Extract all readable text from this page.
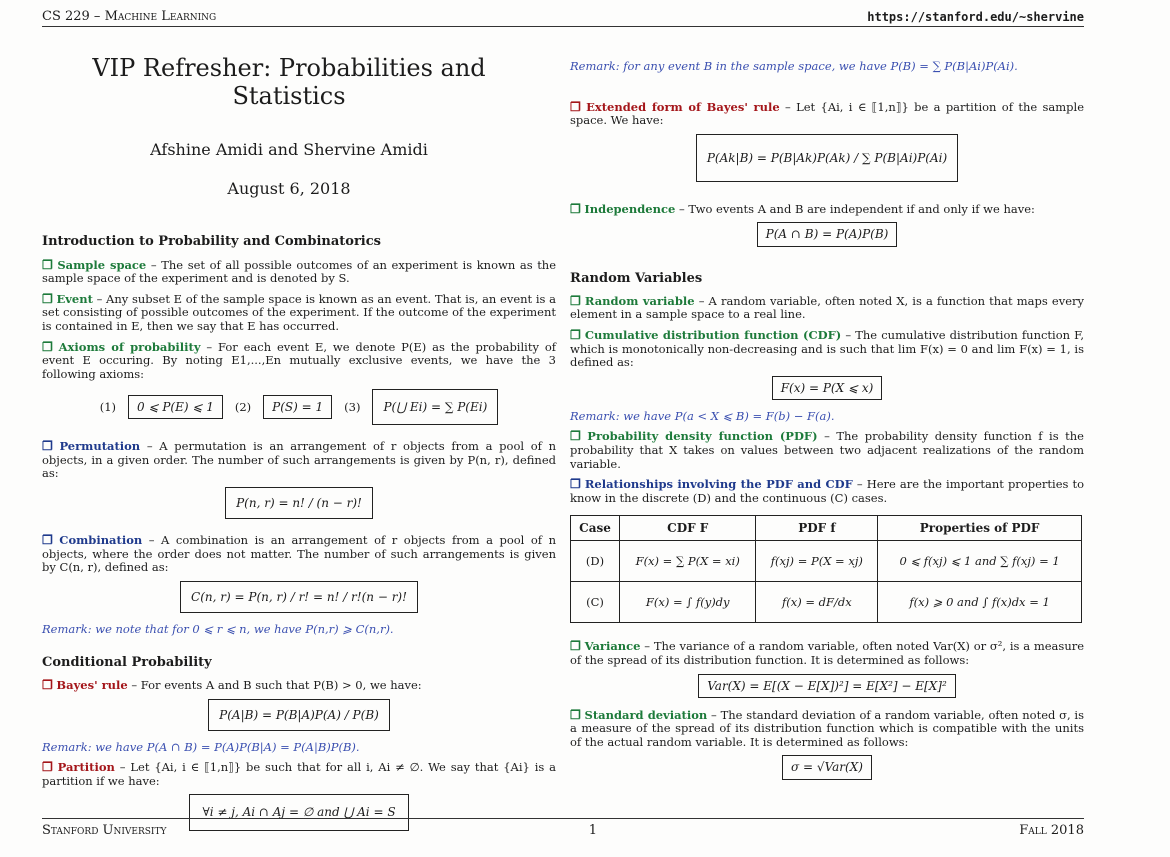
CS 229 – Machine Learning	https://stanford.edu/~shervine
VIP Refresher: Probabilities and Statistics
Afshine Amidi and Shervine Amidi
August 6, 2018
Introduction to Probability and Combinatorics

❐ Sample space – The set of all possible outcomes of an experiment is known as the sample space of the experiment and is denoted by S.

❐ Event – Any subset E of the sample space is known as an event. That is, an event is a set consisting of possible outcomes of the experiment. If the outcome of the experiment is contained in E, then we say that E has occurred.

❐ Axioms of probability – For each event E, we denote P(E) as the probability of event E occuring. By noting E1,...,En mutually exclusive events, we have the 3 following axioms:

(1)	0 ⩽ P(E) ⩽ 1	(2)	P(S) = 1	(3)	P(⋃ Ei) = ∑ P(Ei)

❐ Permutation – A permutation is an arrangement of r objects from a pool of n objects, in a given order. The number of such arrangements is given by P(n, r), defined as:

P(n, r) = n! / (n − r)!

❐ Combination – A combination is an arrangement of r objects from a pool of n objects, where the order does not matter. The number of such arrangements is given by C(n, r), defined as:

C(n, r) = P(n, r) / r! = n! / r!(n − r)!

Remark: we note that for 0 ⩽ r ⩽ n, we have P(n,r) ⩾ C(n,r).

Conditional Probability

❐ Bayes' rule – For events A and B such that P(B) > 0, we have:

P(A|B) = P(B|A)P(A) / P(B)

Remark: we have P(A ∩ B) = P(A)P(B|A) = P(A|B)P(B).

❐ Partition – Let {Ai, i ∈ ⟦1,n⟧} be such that for all i, Ai ≠ ∅. We say that {Ai} is a partition if we have:

∀i ≠ j, Ai ∩ Aj = ∅ and ⋃ Ai = S

Remark: for any event B in the sample space, we have P(B) = ∑ P(B|Ai)P(Ai).

❐ Extended form of Bayes' rule – Let {Ai, i ∈ ⟦1,n⟧} be a partition of the sample space. We have:

P(Ak|B) = P(B|Ak)P(Ak) / ∑ P(B|Ai)P(Ai)

❐ Independence – Two events A and B are independent if and only if we have:

P(A ∩ B) = P(A)P(B)
Random Variables

❐ Random variable – A random variable, often noted X, is a function that maps every element in a sample space to a real line.

❐ Cumulative distribution function (CDF) – The cumulative distribution function F, which is monotonically non-decreasing and is such that lim F(x) = 0 and lim F(x) = 1, is defined as:

F(x) = P(X ⩽ x)

Remark: we have P(a < X ⩽ B) = F(b) − F(a).

❐ Probability density function (PDF) – The probability density function f is the probability that X takes on values between two adjacent realizations of the random variable.

❐ Relationships involving the PDF and CDF – Here are the important properties to know in the discrete (D) and the continuous (C) cases.

Case	CDF F	PDF f	Properties of PDF
(D)	F(x) = ∑ P(X = xi)	f(xj) = P(X = xj)	0 ⩽ f(xj) ⩽ 1 and ∑ f(xj) = 1
(C)	F(x) = ∫ f(y)dy	f(x) = dF/dx	f(x) ⩾ 0 and ∫ f(x)dx = 1

❐ Variance – The variance of a random variable, often noted Var(X) or σ², is a measure of the spread of its distribution function. It is determined as follows:

Var(X) = E[(X − E[X])²] = E[X²] − E[X]²

❐ Standard deviation – The standard deviation of a random variable, often noted σ, is a measure of the spread of its distribution function which is compatible with the units of the actual random variable. It is determined as follows:

σ = √Var(X)
Stanford University	1	Fall 2018
